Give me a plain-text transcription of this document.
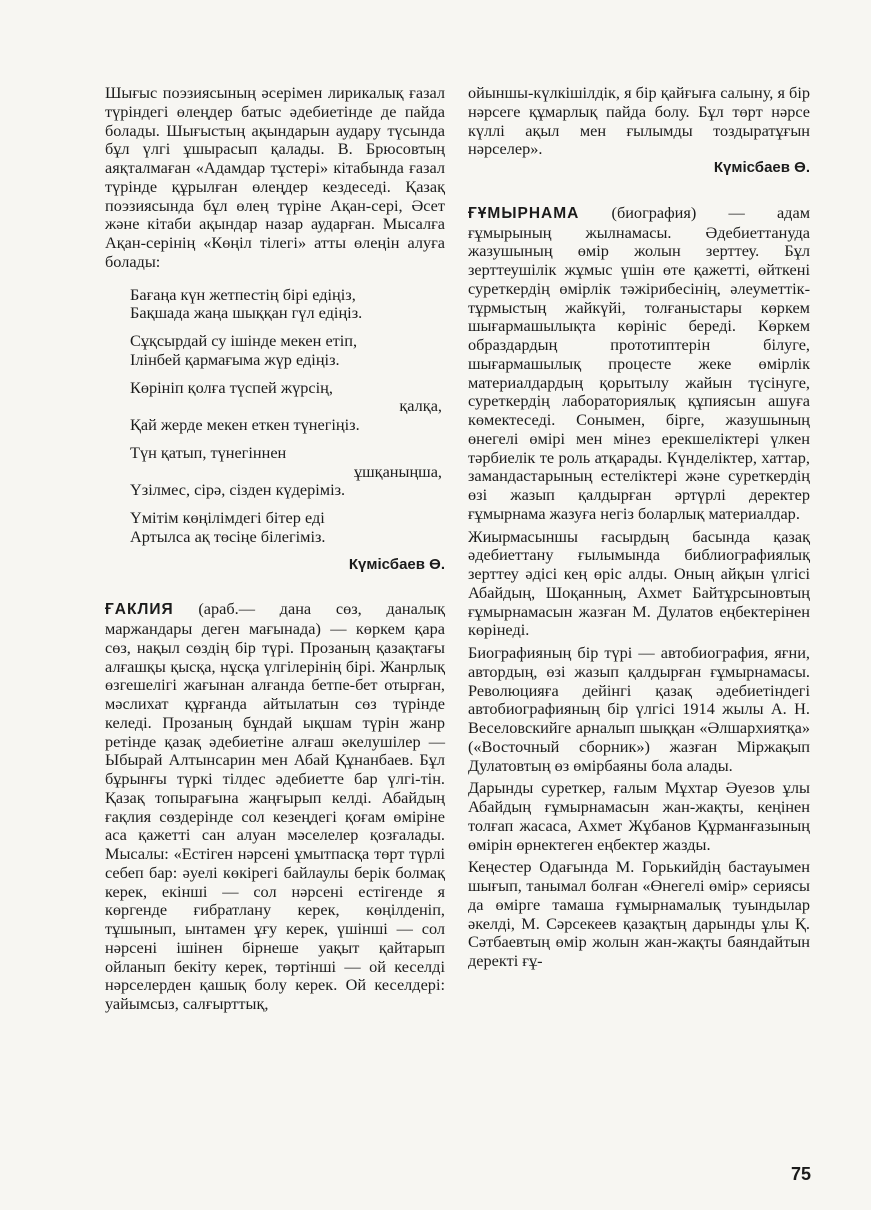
Шығыс поэзиясының әсерімен лирикалық ғазал түріндегі өлеңдер батыс әдебиетінде де пайда болады. Шығыстың ақындарын аудару түсында бұл үлгі ұшырасып қалады. В. Брюсовтың аяқталмаған «Адамдар тұстері» кітабында ғазал түрінде құрылған өлеңдер кездеседі. Қазақ поэзиясында бұл өлең түріне Ақан-сері, Әсет және кітаби ақындар назар аударған. Мысалға Ақан-серінің «Көңіл тілегі» атты өлеңін алуға болады:

Бағаңа күн жетпестің бірі едіңіз,
Бақшада жаңа шыққан гүл едіңіз.
Сұқсырдай су ішінде мекен етіп,
Ілінбей қармағыма жүр едіңіз.
Көрініп қолға түспей жүрсің,
қалқа,
Қай жерде мекен еткен түнегіңіз.
Түн қатып, түнегіннен
ұшқаныңша,
Үзілмес, сірә, сізден күдеріміз.
Үмітім көңілімдегі бітер еді
Артылса ақ төсіңе білегіміз.

Күмісбаев Ө.

ҒАКЛИЯ (араб.— дана сөз, даналық маржандары деген мағынада) — көркем қара сөз, нақыл сөздің бір түрі. Прозаның қазақтағы алғашқы қысқа, нұсқа үлгілерінің бірі. Жанрлық өзгешелігі жағынан алғанда бетпе-бет отырған, мәслихат құрғанда айтылатын сөз түрінде келеді. Прозаның бұндай ықшам түрін жанр ретінде қазақ әдебиетіне алғаш әкелушілер — Ыбырай Алтынсарин мен Абай Құнанбаев. Бұл бұрынғы түркі тілдес әдебиетте бар үлгі-тін. Қазақ топырағына жаңғырып келді. Абайдың ғақлия сөздерінде сол кезеңдегі қоғам өміріне аса қажетті сан алуан мәселелер қозғалады. Мысалы: «Естіген нәрсені ұмытпасқа төрт түрлі себеп бар: әуелі көкірегі байлаулы берік болмақ керек, екінші — сол нәрсені естігенде я көргенде ғибратлану керек, көңілденіп, тұшынып, ынтамен ұғу керек, үшінші — сол нәрсені ішінен бірнеше уақыт қайтарып ойланып бекіту керек, төртінші — ой кеселді нәрселерден қашық болу керек. Ой кеселдері: уайымсыз, салғырттық,

ойыншы-күлкішілдік, я бір қайғыға салыну, я бір нәрсеге құмарлық пайда болу. Бұл төрт нәрсе күллі ақыл мен ғылымды тоздыратұғын нәрселер».

Күмісбаев Ө.

ҒҰМЫРНАМА (биография) — адам ғұмырының жылнамасы. Әдебиеттануда жазушының өмір жолын зерттеу. Бұл зерттеушілік жұмыс үшін өте қажетті, өйткені суреткердің өмірлік тәжірибесінің, әлеуметтік-тұрмыстың жайкүйі, толғаныстары көркем шығармашылықта көрініс береді. Көркем образдардың прототиптерін білуге, шығармашылық процесте жеке өмірлік материалдардың қорытылу жайын түсінуге, суреткердің лабораториялық құпиясын ашуға көмектеседі. Сонымен, бірге, жазушының өнегелі өмірі мен мінез ерекшеліктері үлкен тәрбиелік те роль атқарады. Күнделіктер, хаттар, замандастарының естеліктері және суреткердің өзі жазып қалдырған әртүрлі деректер ғұмырнама жазуға негіз боларлық материалдар.

Жиырмасыншы ғасырдың басында қазақ әдебиеттану ғылымында библиографиялық зерттеу әдісі кең өріс алды. Оның айқын үлгісі Абайдың, Шоқанның, Ахмет Байтұрсыновтың ғұмырнамасын жазған М. Дулатов еңбектерінен көрінеді.

Биографияның бір түрі — автобиография, яғни, автордың, өзі жазып қалдырған ғұмырнамасы. Революцияға дейінгі қазақ әдебиетіндегі автобиографияның бір үлгісі 1914 жылы А. Н. Веселовскийге арналып шыққан «Әлшархиятқа» («Восточный сборник») жазған Міржақып Дулатовтың өз өмірбаяны бола алады.

Дарынды суреткер, ғалым Мұхтар Әуезов ұлы Абайдың ғұмырнамасын жан-жақты, кеңінен толғап жасаса, Ахмет Жұбанов Құрманғазының өмірін өрнектеген еңбектер жазды.

Кеңестер Одағында М. Горькийдің бастауымен шығып, танымал болған «Өнегелі өмір» сериясы да өмірге тамаша ғұмырнамалық туындылар әкелді, М. Сәрсекеев қазақтың дарынды ұлы Қ. Сәтбаевтың өмір жолын жан-жақты баяндайтын деректі ғұ-

75
